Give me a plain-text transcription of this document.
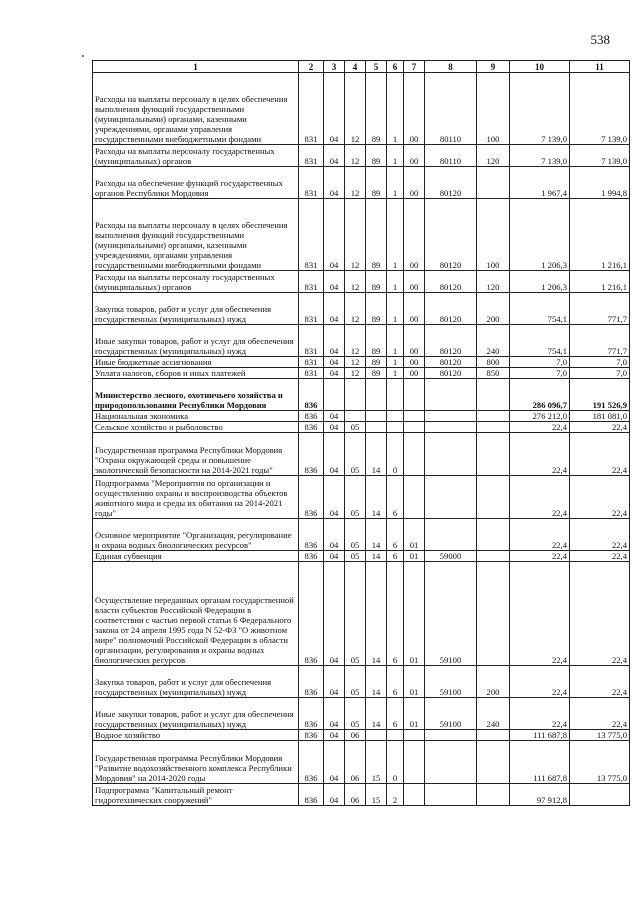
538
1	2	3	4	5	6	7	8	9	10	11
Расходы на выплаты персоналу в целях обеспечения выполнения функций государственными (муниципальными) органами, казенными учреждениями, органами управления государственными внебюджетными фондами	831	04	12	89	1	00	80110	100	7 139,0	7 139,0
Расходы на выплаты персоналу государственных (муниципальных) органов	831	04	12	89	1	00	80110	120	7 139,0	7 139,0
Расходы на обеспечение функций государственных органов Республики Мордовия	831	04	12	89	1	00	80120		1 967,4	1 994,8
Расходы на выплаты персоналу в целях обеспечения выполнения функций государственными (муниципальными) органами, казенными учреждениями, органами управления государственными внебюджетными фондами	831	04	12	89	1	00	80120	100	1 206,3	1 216,1
Расходы на выплаты персоналу государственных (муниципальных) органов	831	04	12	89	1	00	80120	120	1 206,3	1 216,1
Закупка товаров, работ и услуг для обеспечения государственных (муниципальных) нужд	831	04	12	89	1	00	80120	200	754,1	771,7
Иные закупки товаров, работ и услуг для обеспечения государственных (муниципальных) нужд	831	04	12	89	1	00	80120	240	754,1	771,7
Иные бюджетные ассигнования	831	04	12	89	1	00	80120	800	7,0	7,0
Уплата налогов, сборов и иных платежей	831	04	12	89	1	00	80120	850	7,0	7,0
Министерство лесного, охотничьего хозяйства и природопользования Республики Мордовия	836								286 096,7	191 526,9
Национальная экономика	836	04							276 212,0	181 081,0
Сельское хозяйство и рыболовство	836	04	05						22,4	22,4
Государственная программа Республики Мордовия "Охрана окружающей среды и повышение экологической безопасности на 2014-2021 годы"	836	04	05	14	0				22,4	22,4
Подпрограмма "Мероприятия по организации и осуществлению охраны и воспроизводства объектов животного мира и среды их обитания на 2014-2021 годы"	836	04	05	14	6				22,4	22,4
Основное мероприятие "Организация, регулирование и охрана водных биологических ресурсов"	836	04	05	14	6	01			22,4	22,4
Единая субвенция	836	04	05	14	6	01	59000		22,4	22,4
Осуществление переданных органам государственной власти субъектов Российской Федерации в соответствии с частью первой статьи 6 Федерального закона от 24 апреля 1995 года N 52-ФЗ "О животном мире" полномочий Российской Федерации в области организации, регулирования и охраны водных биологических ресурсов	836	04	05	14	6	01	59100		22,4	22,4
Закупка товаров, работ и услуг для обеспечения государственных (муниципальных) нужд	836	04	05	14	6	01	59100	200	22,4	22,4
Иные закупки товаров, работ и услуг для обеспечения государственных (муниципальных) нужд	836	04	05	14	6	01	59100	240	22,4	22,4
Водное хозяйство	836	04	06						111 687,8	13 775,0
Государственная программа Республики Мордовия "Развитие водохозяйственного комплекса Республики Мордовия" на 2014-2020 годы	836	04	06	15	0				111 687,8	13 775,0
Подпрограмма "Капитальный ремонт гидротехнических сооружений"	836	04	06	15	2				97 912,8	
